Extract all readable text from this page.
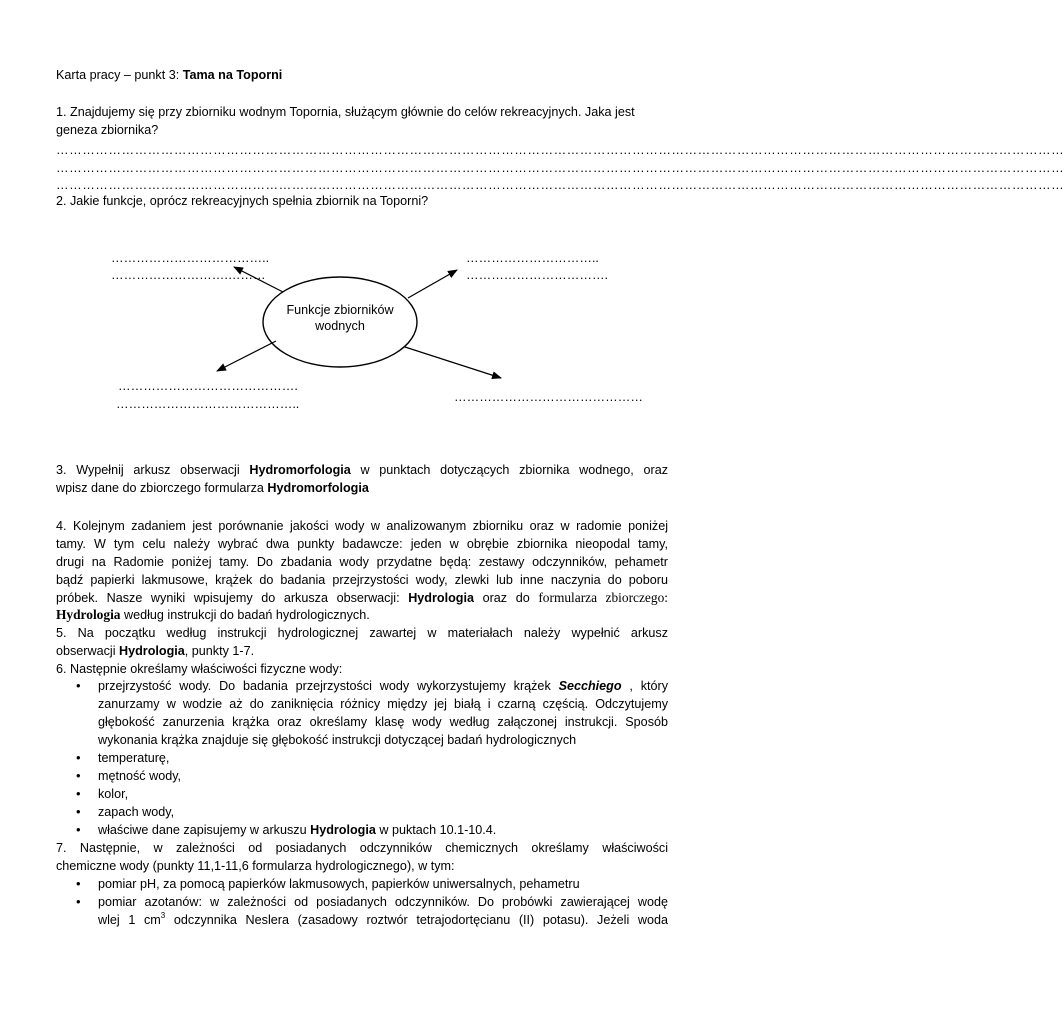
Karta pracy – punkt 3: Tama na Toporni
1. Znajdujemy się przy zbiorniku wodnym Topornia, służącym głównie do celów rekreacyjnych. Jaka jest
geneza zbiornika?
……………………………………………………………………………………………………………………………………………………………………………………………………………
……………………………………………………………………………………………………………………………………………………………………………………………………………
……………………………………………………………………………………………………………………………………………………………………………………………………………
2. Jakie funkcje, oprócz rekreacyjnych spełnia zbiornik na Toporni?
Funkcje zbiorników
wodnych
………………………………..
……………………….………
…………………………..
…………………………….
…………………………………….
……………………………………..	………………………………………
3. Wypełnij arkusz obserwacji Hydromorfologia w punktach dotyczących zbiornika wodnego, oraz
wpisz dane do zbiorczego formularza Hydromorfologia
4. Kolejnym zadaniem jest porównanie jakości wody w analizowanym zbiorniku oraz w radomie poniżej
tamy. W tym celu należy wybrać dwa punkty badawcze: jeden w obrębie zbiornika nieopodal tamy,
drugi na Radomie poniżej tamy. Do zbadania wody przydatne będą: zestawy odczynników, pehametr
bądź papierki lakmusowe, krążek do badania przejrzystości wody, zlewki lub inne naczynia do poboru
próbek. Nasze wyniki wpisujemy do arkusza obserwacji: Hydrologia oraz do formularza zbiorczego:
Hydrologia według instrukcji do badań hydrologicznych.
5. Na początku według instrukcji hydrologicznej zawartej w materiałach należy wypełnić arkusz
obserwacji Hydrologia, punkty 1-7.
6. Następnie określamy właściwości fizyczne wody:
• przejrzystość wody. Do badania przejrzystości wody wykorzystujemy krążek Secchiego , który
zanurzamy w wodzie aż do zaniknięcia różnicy między jej białą i czarną częścią. Odczytujemy
głębokość zanurzenia krążka oraz określamy klasę wody według załączonej instrukcji. Sposób
wykonania krążka znajduje się głębokość instrukcji dotyczącej badań hydrologicznych
• temperaturę,
• mętność wody,
• kolor,
• zapach wody,
• właściwe dane zapisujemy w arkuszu Hydrologia w puktach 10.1-10.4.
7. Następnie, w zależności od posiadanych odczynników chemicznych określamy właściwości
chemiczne wody (punkty 11,1-11,6 formularza hydrologicznego), w tym:
• pomiar pH, za pomocą papierków lakmusowych, papierków uniwersalnych, pehametru
• pomiar azotanów: w zależności od posiadanych odczynników. Do probówki zawierającej wodę
wlej 1 $cm^3$ odczynnika Neslera (zasadowy roztwór tetrajodortęcianu (II) potasu). Jeżeli woda
